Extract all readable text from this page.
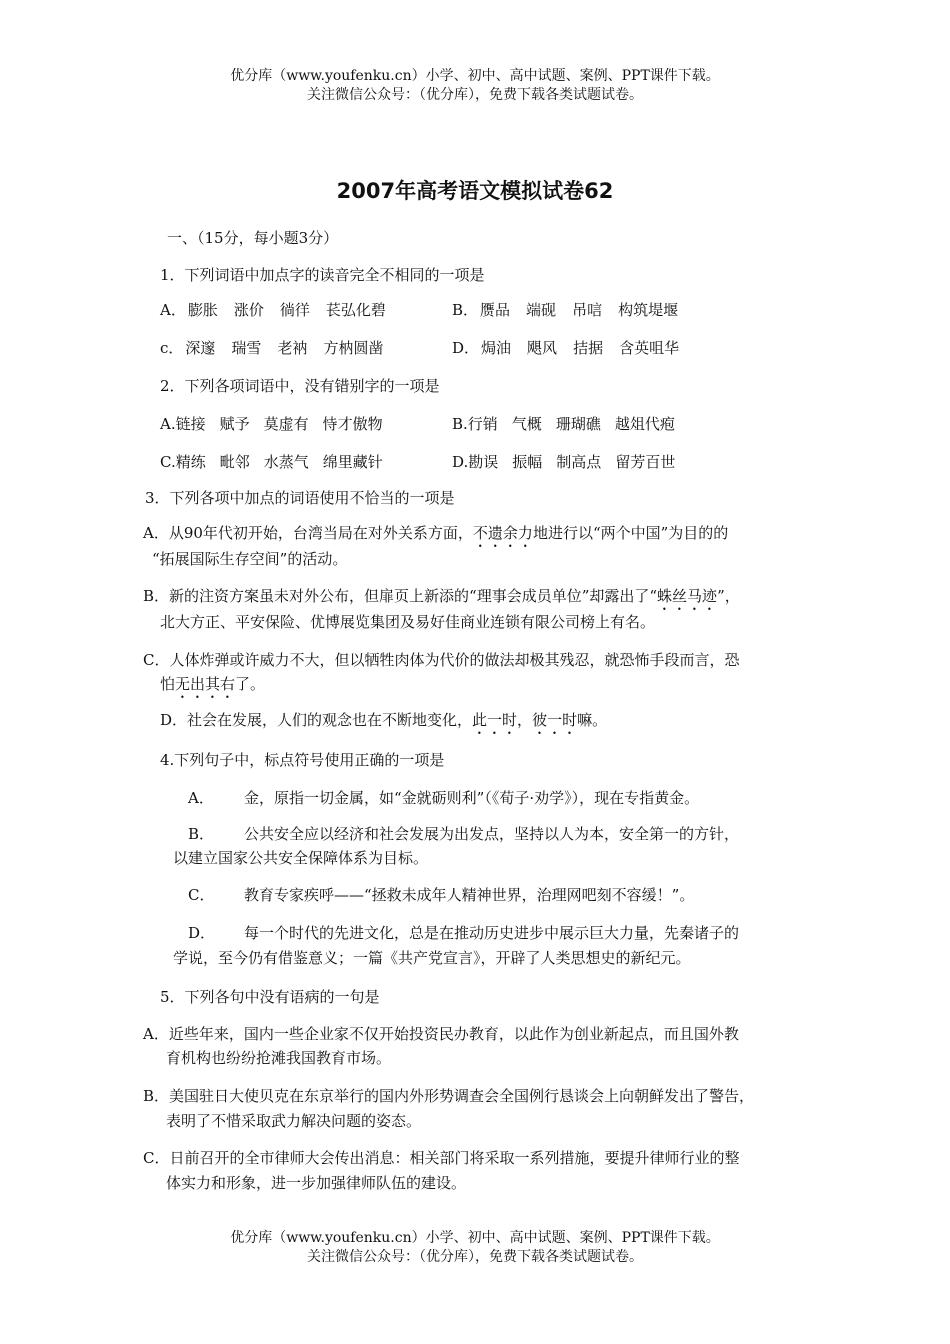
优分库（www.youfenku.cn）小学、初中、高中试题、案例、PPT课件下载。
关注微信公众号：（优分库），免费下载各类试题试卷。
2007年高考语文模拟试卷62
一、（15分，每小题3分）
1．下列词语中加点字的读音完全不相同的一项是
A． 膨胀 涨价 徜徉 苌弘化碧	B． 赝品 端砚 吊唁 构筑堤堰
c． 深邃 瑞雪 老衲 方枘圆凿	D． 焗油 飓风 拮据 含英咀华
2．下列各项词语中，没有错别字的一项是
A.链接 赋予 莫虚有 恃才傲物	B.行销 气概 珊瑚礁 越俎代疱
C.精练 毗邻 水蒸气 绵里藏针	D.勘误 振幅 制高点 留芳百世
3．下列各项中加点的词语使用不恰当的一项是
A．从90年代初开始，台湾当局在对外关系方面，不遗余力地进行以“两个中国”为目的的
“拓展国际生存空间”的活动。
B．新的注资方案虽未对外公布，但扉页上新添的“理事会成员单位”却露出了“蛛丝马迹”，
北大方正、平安保险、优博展览集团及易好佳商业连锁有限公司榜上有名。
C．人体炸弹或许威力不大，但以牺牲肉体为代价的做法却极其残忍，就恐怖手段而言，恐
怕无出其右了。
D．社会在发展，人们的观念也在不断地变化，此一时，彼一时嘛。
4.下列句子中，标点符号使用正确的一项是
A． 金，原指一切金属，如“金就砺则利”（《荀子·劝学》），现在专指黄金。
B． 公共安全应以经济和社会发展为出发点，坚持以人为本，安全第一的方针，
以建立国家公共安全保障体系为目标。
C． 教育专家疾呼——“拯救未成年人精神世界，治理网吧刻不容缓！”。
D． 每一个时代的先进文化，总是在推动历史进步中展示巨大力量，先秦诸子的
学说，至今仍有借鉴意义；一篇《共产党宣言》，开辟了人类思想史的新纪元。
5．下列各句中没有语病的一句是
A．近些年来，国内一些企业家不仅开始投资民办教育，以此作为创业新起点，而且国外教
育机构也纷纷抢滩我国教育市场。
B．美国驻日大使贝克在东京举行的国内外形势调查会全国例行恳谈会上向朝鲜发出了警告，
表明了不惜采取武力解决问题的姿态。
C．日前召开的全市律师大会传出消息：相关部门将采取一系列措施，要提升律师行业的整
体实力和形象，进一步加强律师队伍的建设。
优分库（www.youfenku.cn）小学、初中、高中试题、案例、PPT课件下载。
关注微信公众号：（优分库），免费下载各类试题试卷。
